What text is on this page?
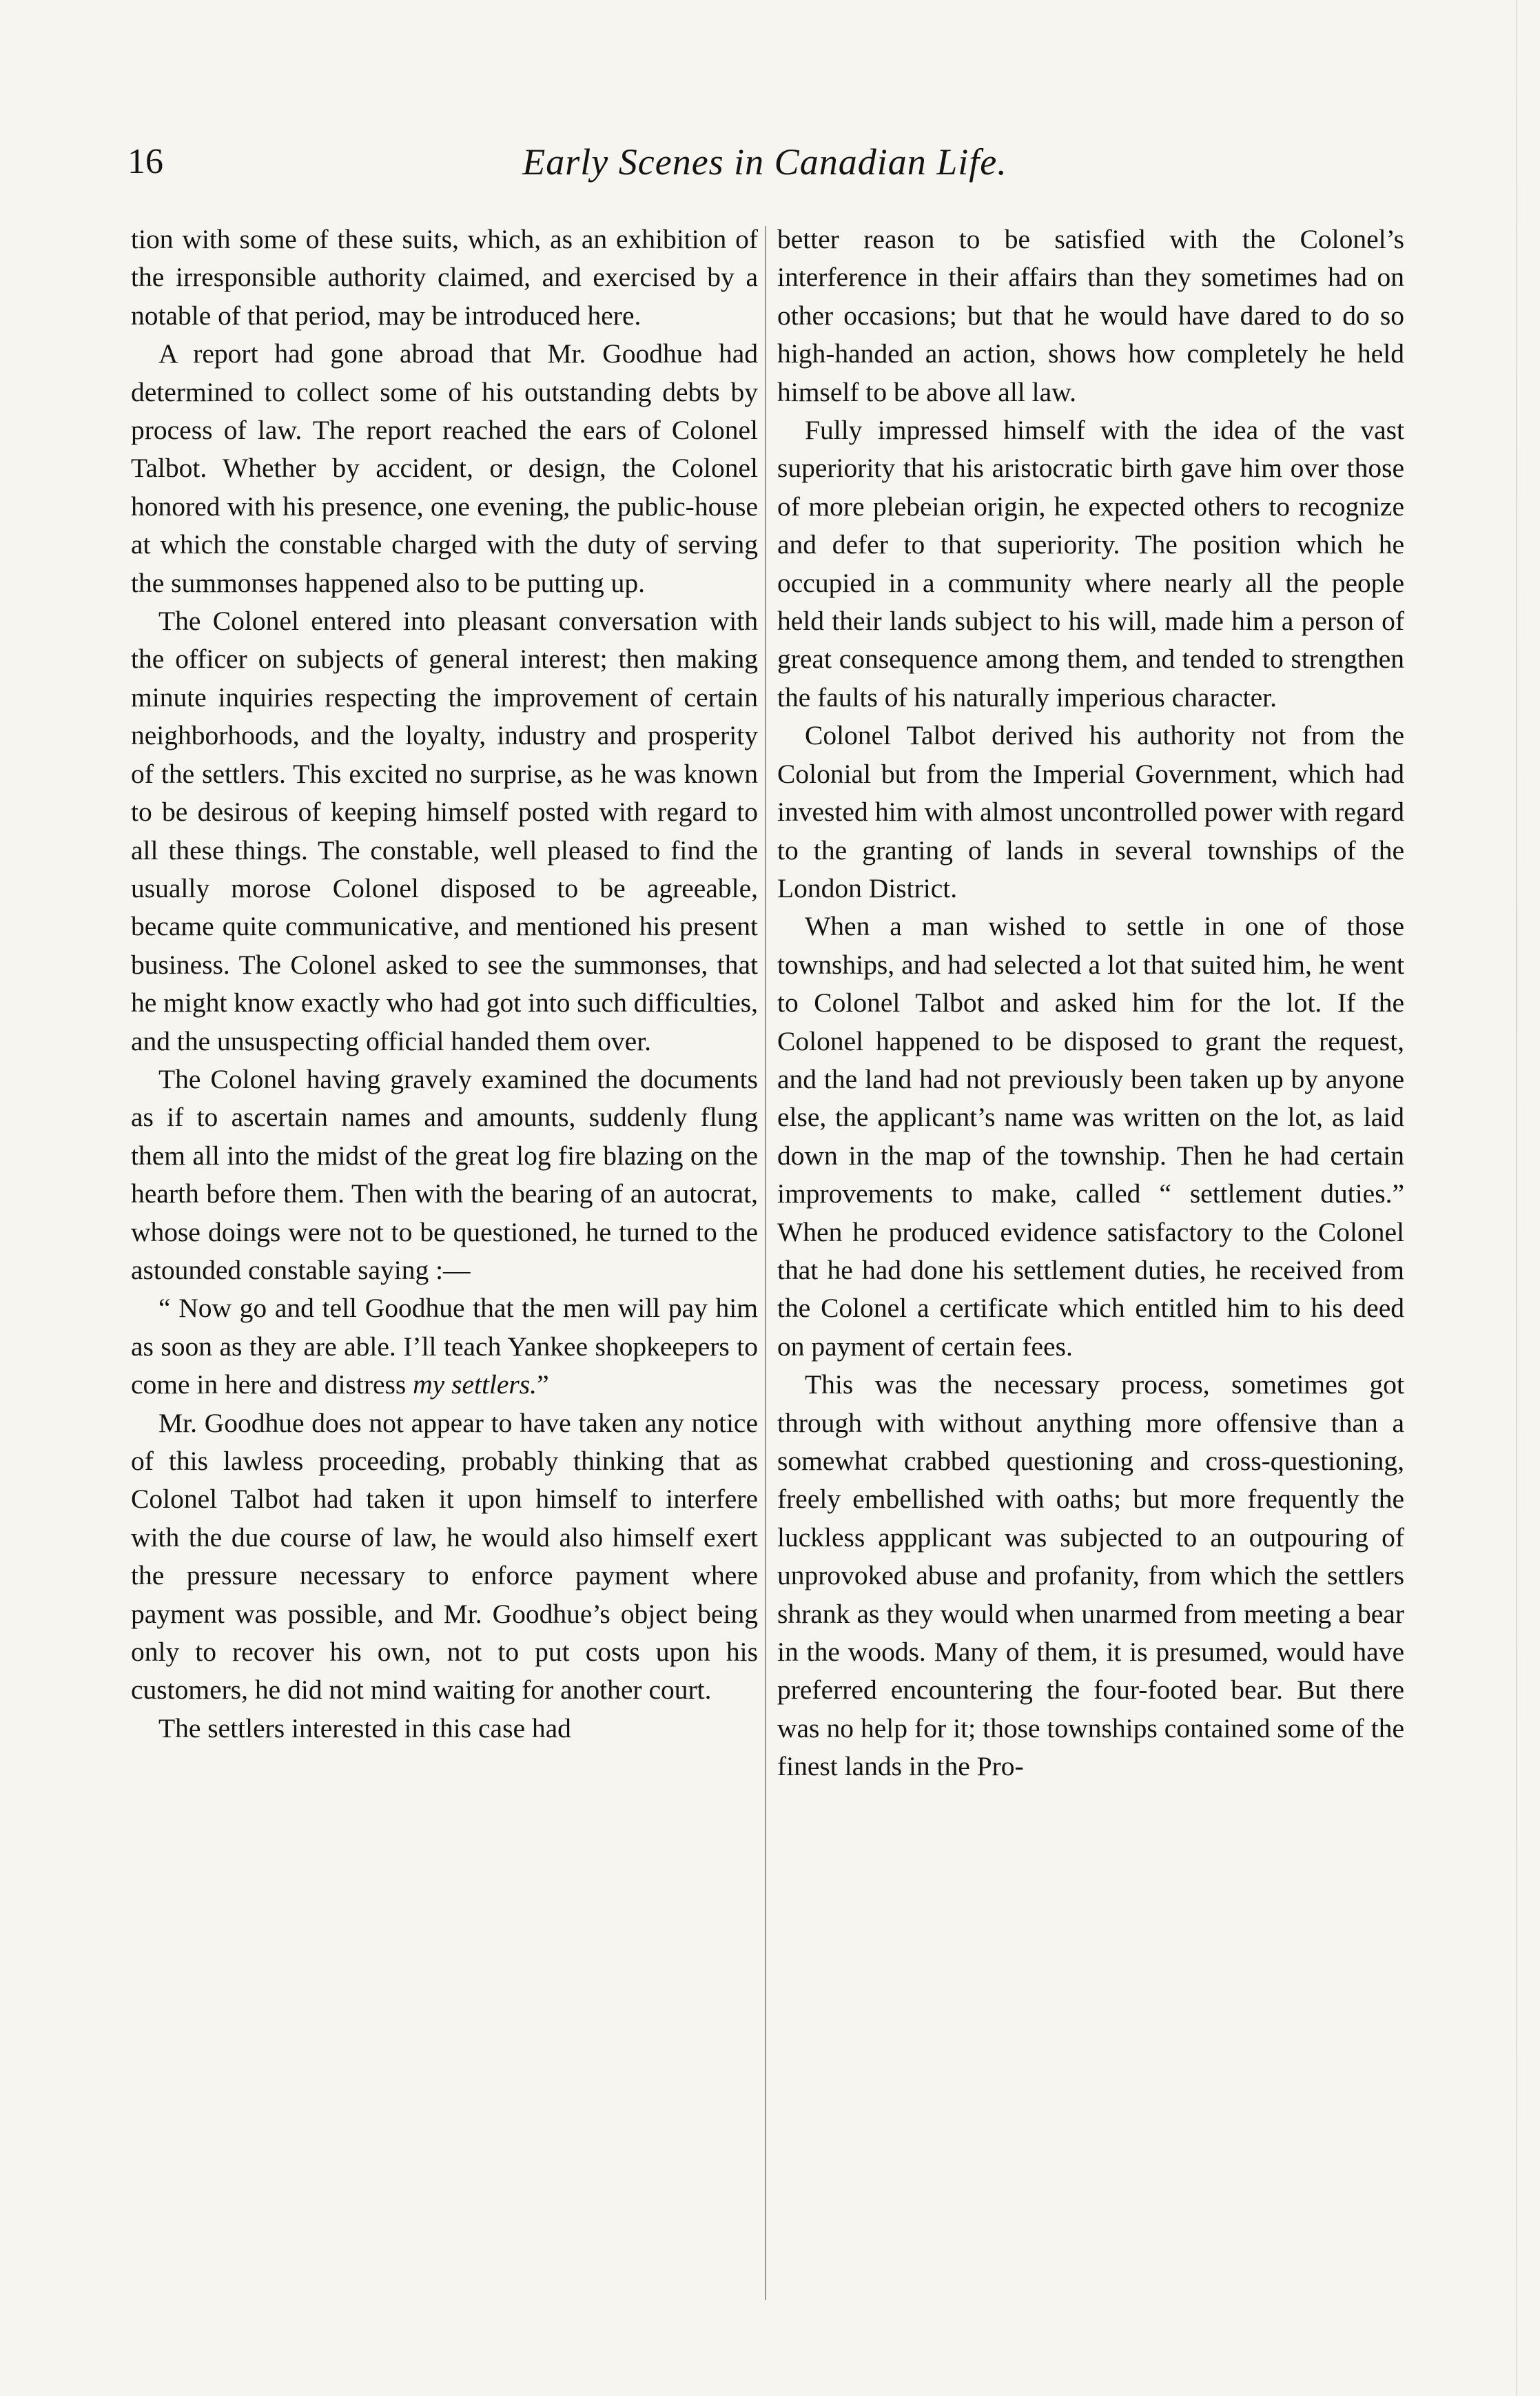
16	Early Scenes in Canadian Life.

tion with some of these suits, which, as an exhibition of the irresponsible authority claimed, and exercised by a notable of that period, may be introduced here.

A report had gone abroad that Mr. Goodhue had determined to collect some of his outstanding debts by process of law. The report reached the ears of Colonel Talbot. Whether by accident, or design, the Colonel honored with his presence, one evening, the public-house at which the constable charged with the duty of serving the summonses happened also to be putting up.

The Colonel entered into pleasant conversation with the officer on subjects of general interest; then making minute inquiries respecting the improvement of certain neighborhoods, and the loyalty, industry and prosperity of the settlers. This excited no surprise, as he was known to be desirous of keeping himself posted with regard to all these things. The constable, well pleased to find the usually morose Colonel disposed to be agreeable, became quite communicative, and mentioned his present business. The Colonel asked to see the summonses, that he might know exactly who had got into such difficulties, and the unsuspecting official handed them over.

The Colonel having gravely examined the documents as if to ascertain names and amounts, suddenly flung them all into the midst of the great log fire blazing on the hearth before them. Then with the bearing of an autocrat, whose doings were not to be questioned, he turned to the astounded constable saying :—

“ Now go and tell Goodhue that the men will pay him as soon as they are able. I’ll teach Yankee shopkeepers to come in here and distress my settlers.”

Mr. Goodhue does not appear to have taken any notice of this lawless proceeding, probably thinking that as Colonel Talbot had taken it upon himself to interfere with the due course of law, he would also himself exert the pressure necessary to enforce payment where payment was possible, and Mr. Goodhue’s object being only to recover his own, not to put costs upon his customers, he did not mind waiting for another court.

The settlers interested in this case had

better reason to be satisfied with the Colonel’s interference in their affairs than they sometimes had on other occasions; but that he would have dared to do so high-handed an action, shows how completely he held himself to be above all law.

Fully impressed himself with the idea of the vast superiority that his aristocratic birth gave him over those of more plebeian origin, he expected others to recognize and defer to that superiority. The position which he occupied in a community where nearly all the people held their lands subject to his will, made him a person of great consequence among them, and tended to strengthen the faults of his naturally imperious character.

Colonel Talbot derived his authority not from the Colonial but from the Imperial Government, which had invested him with almost uncontrolled power with regard to the granting of lands in several townships of the London District.

When a man wished to settle in one of those townships, and had selected a lot that suited him, he went to Colonel Talbot and asked him for the lot. If the Colonel happened to be disposed to grant the request, and the land had not previously been taken up by anyone else, the applicant’s name was written on the lot, as laid down in the map of the township. Then he had certain improvements to make, called “ settlement duties.” When he produced evidence satisfactory to the Colonel that he had done his settlement duties, he received from the Colonel a certificate which entitled him to his deed on payment of certain fees.

This was the necessary process, sometimes got through with without anything more offensive than a somewhat crabbed questioning and cross-questioning, freely embellished with oaths; but more frequently the luckless appplicant was subjected to an outpouring of unprovoked abuse and profanity, from which the settlers shrank as they would when unarmed from meeting a bear in the woods. Many of them, it is presumed, would have preferred encountering the four-footed bear. But there was no help for it; those townships contained some of the finest lands in the Pro-
